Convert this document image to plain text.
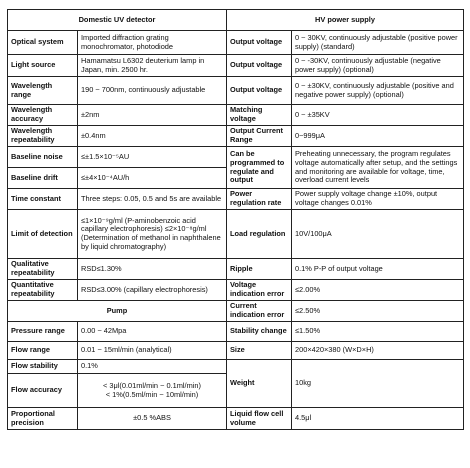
Domestic UV detector		HV power supply	
Optical system	Imported diffraction grating monochromator, photodiode	Output voltage	0 ~ 30KV, continuously adjustable (positive power supply) (standard)
Light source	Hamamatsu L6302 deuterium lamp in Japan, min. 2500 hr.	Output voltage	0 ~ -30KV, continuously adjustable (negative power supply) (optional)
Wavelength range	190 ~ 700nm, continuously adjustable	Output voltage	0 ~ ±30KV, continuously adjustable (positive and negative power supply) (optional)
Wavelength accuracy	±2nm	Matching voltage	0 ~ ±35KV
Wavelength repeatability	±0.4nm	Output Current Range	0~999μA
Baseline noise	≤±1.5×10⁻⁵AU	Can be programmed to regulate and output	Preheating unnecessary, the program regulates voltage automatically after setup, and the settings and monitoring are available for voltage, time, overload current levels
Baseline drift	≤±4×10⁻⁴AU/h		
Time constant	Three steps: 0.05, 0.5 and 5s are available	Power regulation rate	Power supply voltage change ±10%, output voltage changes 0.01%
Limit of detection	≤1×10⁻⁹g/ml (P-aminobenzoic acid capillary electrophoresis) ≤2×10⁻⁸g/ml (Determination of methanol in naphthalene by liquid chromatography)	Load regulation	10V/100μA
Qualitative repeatability	RSD≤1.30%	Ripple	0.1% P-P of output voltage
Quantitative repeatability	RSD≤3.00% (capillary electrophoresis)	Voltage indication error	≤2.00%
Pump		Current indication error	≤2.50%
Pressure range	0.00 ~ 42Mpa	Stability change	≤1.50%
Flow range	0.01 ~ 15ml/min (analytical)	Size	200×420×380 (W×D×H)
Flow stability	0.1%	Weight	10kg
Flow accuracy	< 3μl(0.01ml/min ~ 0.1ml/min)
< 1%(0.5ml/min ~ 10ml/min)		

Proportional precision	±0.5 %ABS	Liquid flow cell volume	4.5μl
